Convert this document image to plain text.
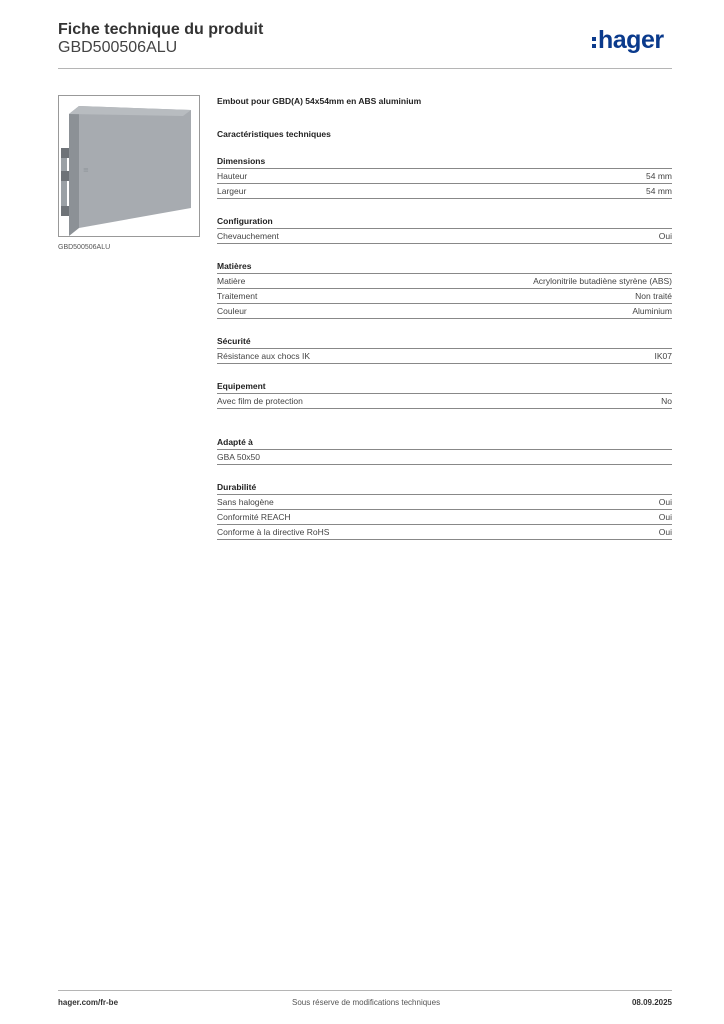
Fiche technique du produit
GBD500506ALU	hager
≡
GBD500506ALU
Embout pour GBD(A) 54x54mm en ABS aluminium
Caractéristiques techniques
Dimensions
Hauteur	54 mm
Largeur	54 mm
Configuration
Chevauchement	Oui
Matières
Matière	Acrylonitrile butadiène styrène (ABS)
Traitement	Non traité
Couleur	Aluminium
Sécurité
Résistance aux chocs IK	IK07
Equipement
Avec film de protection	No
Adapté à
GBA 50x50
Durabilité
Sans halogène	Oui
Conformité REACH	Oui
Conforme à la directive RoHS	Oui
hager.com/fr-be	Sous réserve de modifications techniques	08.09.2025
